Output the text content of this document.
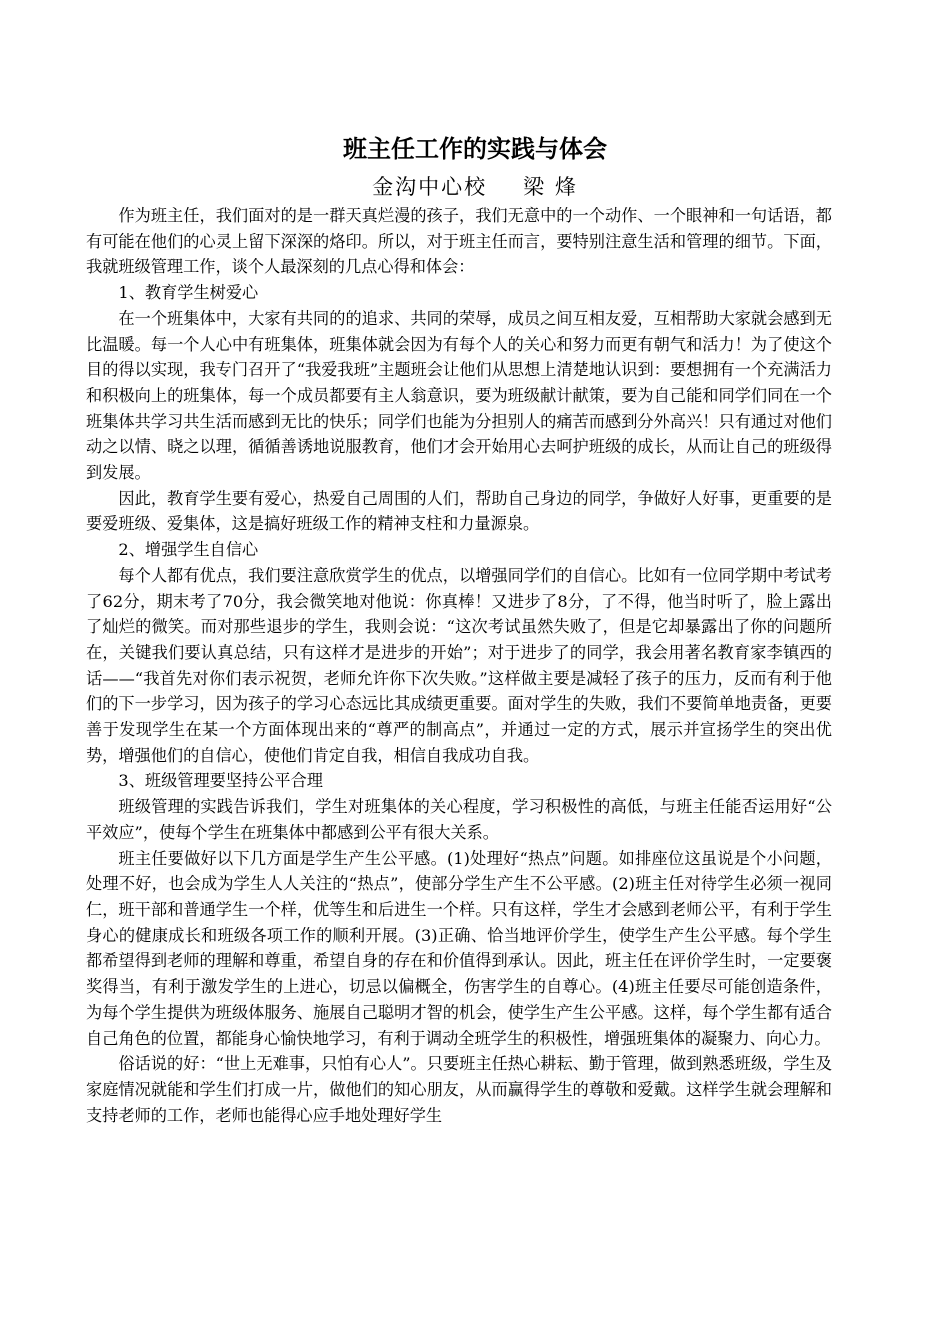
班主任工作的实践与体会
金沟中心校 梁 烽

作为班主任，我们面对的是一群天真烂漫的孩子，我们无意中的一个动作、一个眼神和一句话语，都有可能在他们的心灵上留下深深的烙印。所以，对于班主任而言，要特别注意生活和管理的细节。下面，我就班级管理工作，谈个人最深刻的几点心得和体会：

1、教育学生树爱心

在一个班集体中，大家有共同的的追求、共同的荣辱，成员之间互相友爱，互相帮助大家就会感到无比温暖。每一个人心中有班集体，班集体就会因为有每个人的关心和努力而更有朝气和活力！为了使这个目的得以实现，我专门召开了“我爱我班”主题班会让他们从思想上清楚地认识到：要想拥有一个充满活力和积极向上的班集体，每一个成员都要有主人翁意识，要为班级献计献策，要为自己能和同学们同在一个班集体共学习共生活而感到无比的快乐；同学们也能为分担别人的痛苦而感到分外高兴！只有通过对他们动之以情、晓之以理，循循善诱地说服教育，他们才会开始用心去呵护班级的成长，从而让自己的班级得到发展。

因此，教育学生要有爱心，热爱自己周围的人们，帮助自己身边的同学，争做好人好事，更重要的是要爱班级、爱集体，这是搞好班级工作的精神支柱和力量源泉。

2、增强学生自信心

每个人都有优点，我们要注意欣赏学生的优点，以增强同学们的自信心。比如有一位同学期中考试考了62分，期末考了70分，我会微笑地对他说：你真棒！又进步了8分，了不得，他当时听了，脸上露出了灿烂的微笑。而对那些退步的学生，我则会说：“这次考试虽然失败了，但是它却暴露出了你的问题所在，关键我们要认真总结，只有这样才是进步的开始”；对于进步了的同学，我会用著名教育家李镇西的话——“我首先对你们表示祝贺，老师允许你下次失败。”这样做主要是减轻了孩子的压力，反而有利于他们的下一步学习，因为孩子的学习心态远比其成绩更重要。面对学生的失败，我们不要简单地责备，更要善于发现学生在某一个方面体现出来的“尊严的制高点”，并通过一定的方式，展示并宣扬学生的突出优势，增强他们的自信心，使他们肯定自我，相信自我成功自我。

3、班级管理要坚持公平合理

班级管理的实践告诉我们，学生对班集体的关心程度，学习积极性的高低，与班主任能否运用好“公平效应”，使每个学生在班集体中都感到公平有很大关系。

班主任要做好以下几方面是学生产生公平感。(1)处理好“热点”问题。如排座位这虽说是个小问题，处理不好，也会成为学生人人关注的“热点”，使部分学生产生不公平感。(2)班主任对待学生必须一视同仁，班干部和普通学生一个样，优等生和后进生一个样。只有这样，学生才会感到老师公平，有利于学生身心的健康成长和班级各项工作的顺利开展。(3)正确、恰当地评价学生，使学生产生公平感。每个学生都希望得到老师的理解和尊重，希望自身的存在和价值得到承认。因此，班主任在评价学生时，一定要褒奖得当，有利于激发学生的上进心，切忌以偏概全，伤害学生的自尊心。(4)班主任要尽可能创造条件，为每个学生提供为班级体服务、施展自己聪明才智的机会，使学生产生公平感。这样，每个学生都有适合自己角色的位置，都能身心愉快地学习，有利于调动全班学生的积极性，增强班集体的凝聚力、向心力。

俗话说的好：“世上无难事，只怕有心人”。只要班主任热心耕耘、勤于管理，做到熟悉班级，学生及家庭情况就能和学生们打成一片，做他们的知心朋友，从而赢得学生的尊敬和爱戴。这样学生就会理解和支持老师的工作，老师也能得心应手地处理好学生
